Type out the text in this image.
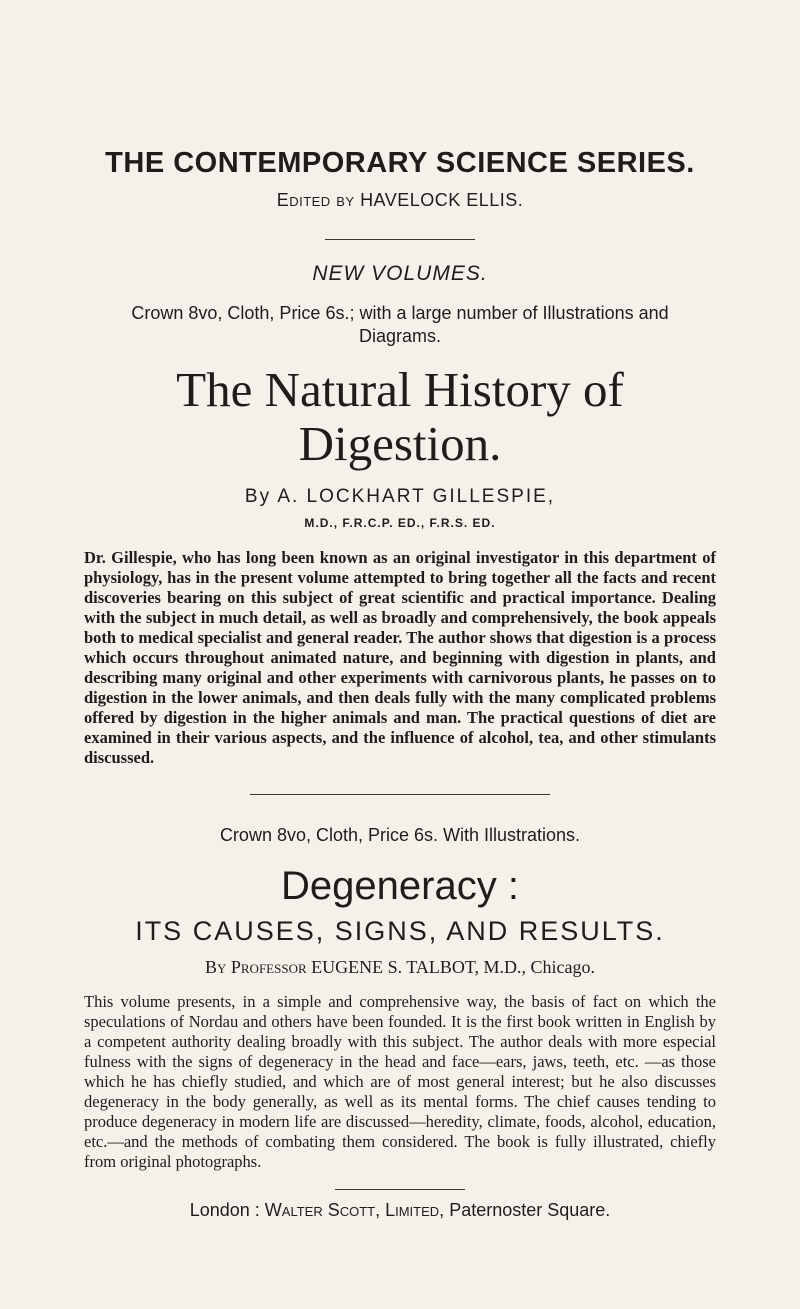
THE CONTEMPORARY SCIENCE SERIES.
Edited by HAVELOCK ELLIS.
NEW VOLUMES.
Crown 8vo, Cloth, Price 6s.; with a large number of Illustrations and Diagrams.
The Natural History of Digestion.
By A. LOCKHART GILLESPIE,
M.D., F.R.C.P. ED., F.R.S. ED.

Dr. Gillespie, who has long been known as an original investigator in this department of physiology, has in the present volume attempted to bring together all the facts and recent discoveries bearing on this subject of great scientific and practical importance. Dealing with the subject in much detail, as well as broadly and comprehensively, the book appeals both to medical specialist and general reader. The author shows that digestion is a process which occurs throughout animated nature, and beginning with digestion in plants, and describing many original and other experiments with carnivorous plants, he passes on to digestion in the lower animals, and then deals fully with the many complicated problems offered by digestion in the higher animals and man. The practical questions of diet are examined in their various aspects, and the influence of alcohol, tea, and other stimulants discussed.

Crown 8vo, Cloth, Price 6s. With Illustrations.
Degeneracy :
ITS CAUSES, SIGNS, AND RESULTS.
By Professor EUGENE S. TALBOT, M.D., Chicago.

This volume presents, in a simple and comprehensive way, the basis of fact on which the speculations of Nordau and others have been founded. It is the first book written in English by a competent authority dealing broadly with this subject. The author deals with more especial fulness with the signs of degeneracy in the head and face—ears, jaws, teeth, etc. —as those which he has chiefly studied, and which are of most general interest; but he also discusses degeneracy in the body generally, as well as its mental forms. The chief causes tending to produce degeneracy in modern life are discussed—heredity, climate, foods, alcohol, education, etc.—and the methods of combating them considered. The book is fully illustrated, chiefly from original photographs.

London : Walter Scott, Limited, Paternoster Square.
